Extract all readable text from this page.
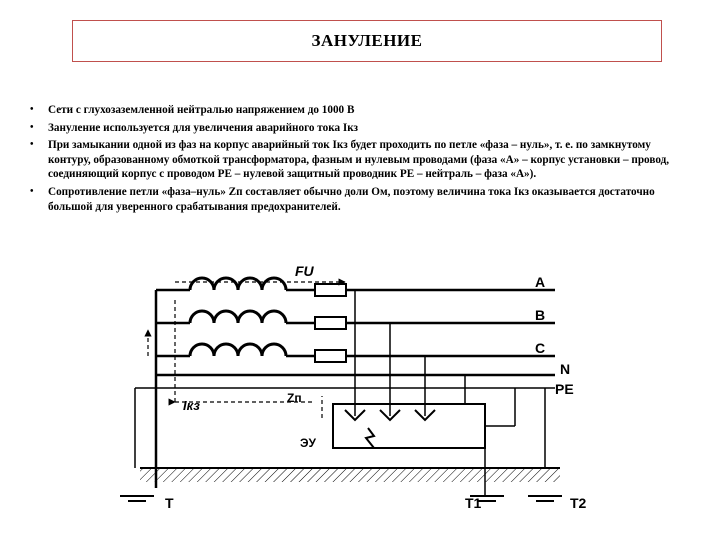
ЗАНУЛЕНИЕ
• Сети с глухозаземленной нейтралью напряжением до 1000 В
• Зануление используется для увеличения аварийного тока Iкз
• При замыкании одной из фаз на корпус аварийный ток Iкз будет проходить по петле «фаза – нуль», т. е. по замкнутому контуру, образованному обмоткой трансформатора, фазным и нулевым проводами (фаза «А» – корпус установки – провод, соединяющий корпус с проводом РЕ – нулевой защитный проводник РЕ – нейтраль – фаза «А»).
• Сопротивление петли «фаза–нуль» Zп составляет обычно доли Ом, поэтому величина тока Iкз оказывается достаточно большой для уверенного срабатывания предохранителей.
FU
A
B
C
N
PE
Iкз	Zп
ЭУ
T	T1	T2
